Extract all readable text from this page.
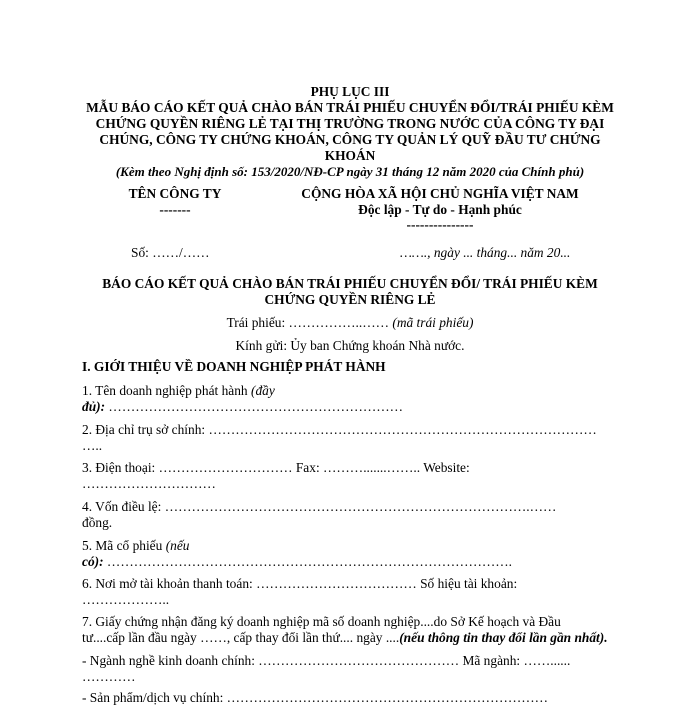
PHỤ LỤC III
MẪU BÁO CÁO KẾT QUẢ CHÀO BÁN TRÁI PHIẾU CHUYỂN ĐỔI/TRÁI PHIẾU KÈM
CHỨNG QUYỀN RIÊNG LẺ TẠI THỊ TRƯỜNG TRONG NƯỚC CỦA CÔNG TY ĐẠI
CHÚNG, CÔNG TY CHỨNG KHOÁN, CÔNG TY QUẢN LÝ QUỸ ĐẦU TƯ CHỨNG
KHOÁN
(Kèm theo Nghị định số: 153/2020/NĐ-CP ngày 31 tháng 12 năm 2020 của Chính phủ)
TÊN CÔNG TY
-------
CỘNG HÒA XÃ HỘI CHỦ NGHĨA VIỆT NAM
Độc lập - Tự do - Hạnh phúc
---------------
Số: ……/……	……., ngày ... tháng... năm 20...
BÁO CÁO KẾT QUẢ CHÀO BÁN TRÁI PHIẾU CHUYỂN ĐỔI/ TRÁI PHIẾU KÈM
CHỨNG QUYỀN RIÊNG LẺ
Trái phiếu: ……………..…… (mã trái phiếu)
Kính gửi: Ủy ban Chứng khoán Nhà nước.
I. GIỚI THIỆU VỀ DOANH NGHIỆP PHÁT HÀNH
1. Tên doanh nghiệp phát hành (đầy
đủ): …………………………………………………………
2. Địa chỉ trụ sở chính: ……………………………………………………………………………
…..
3. Điện thoại: ………………………… Fax: ……….......…….. Website:
…………………………
4. Vốn điều lệ: ……………………………………………………………………….……
đồng.
5. Mã cổ phiếu (nếu
có): ……………………………………………………………………………….
6. Nơi mở tài khoản thanh toán: ……………………………… Số hiệu tài khoản:
………………..
7. Giấy chứng nhận đăng ký doanh nghiệp mã số doanh nghiệp....do Sở Kế hoạch và Đầu
tư....cấp lần đầu ngày ……, cấp thay đổi lần thứ.... ngày ....(nếu thông tin thay đổi lần gần nhất).
- Ngành nghề kinh doanh chính: ……………………………………… Mã ngành: ……......
…………
- Sản phẩm/dịch vụ chính: ………………………………………………………………
